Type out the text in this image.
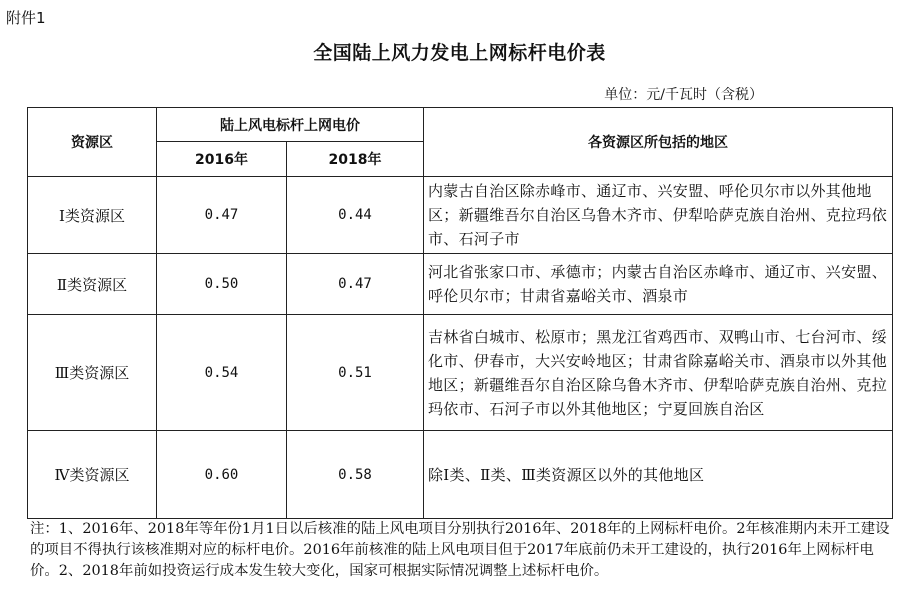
附件1
全国陆上风力发电上网标杆电价表
单位：元/千瓦时（含税）
资源区	陆上风电标杆上网电价		各资源区所包括的地区
	2016年	2018年	
Ⅰ类资源区	0.47	0.44	内蒙古自治区除赤峰市、通辽市、兴安盟、呼伦贝尔市以外其他地区；新疆维吾尔自治区乌鲁木齐市、伊犁哈萨克族自治州、克拉玛依市、石河子市
Ⅱ类资源区	0.50	0.47	河北省张家口市、承德市；内蒙古自治区赤峰市、通辽市、兴安盟、呼伦贝尔市；甘肃省嘉峪关市、酒泉市
Ⅲ类资源区	0.54	0.51	吉林省白城市、松原市；黑龙江省鸡西市、双鸭山市、七台河市、绥化市、伊春市，大兴安岭地区；甘肃省除嘉峪关市、酒泉市以外其他地区；新疆维吾尔自治区除乌鲁木齐市、伊犁哈萨克族自治州、克拉玛依市、石河子市以外其他地区；宁夏回族自治区
Ⅳ类资源区	0.60	0.58	除Ⅰ类、Ⅱ类、Ⅲ类资源区以外的其他地区
注：1、2016年、2018年等年份1月1日以后核准的陆上风电项目分别执行2016年、2018年的上网标杆电价。2年核准期内未开工建设的项目不得执行该核准期对应的标杆电价。2016年前核准的陆上风电项目但于2017年底前仍未开工建设的，执行2016年上网标杆电价。2、2018年前如投资运行成本发生较大变化，国家可根据实际情况调整上述标杆电价。
